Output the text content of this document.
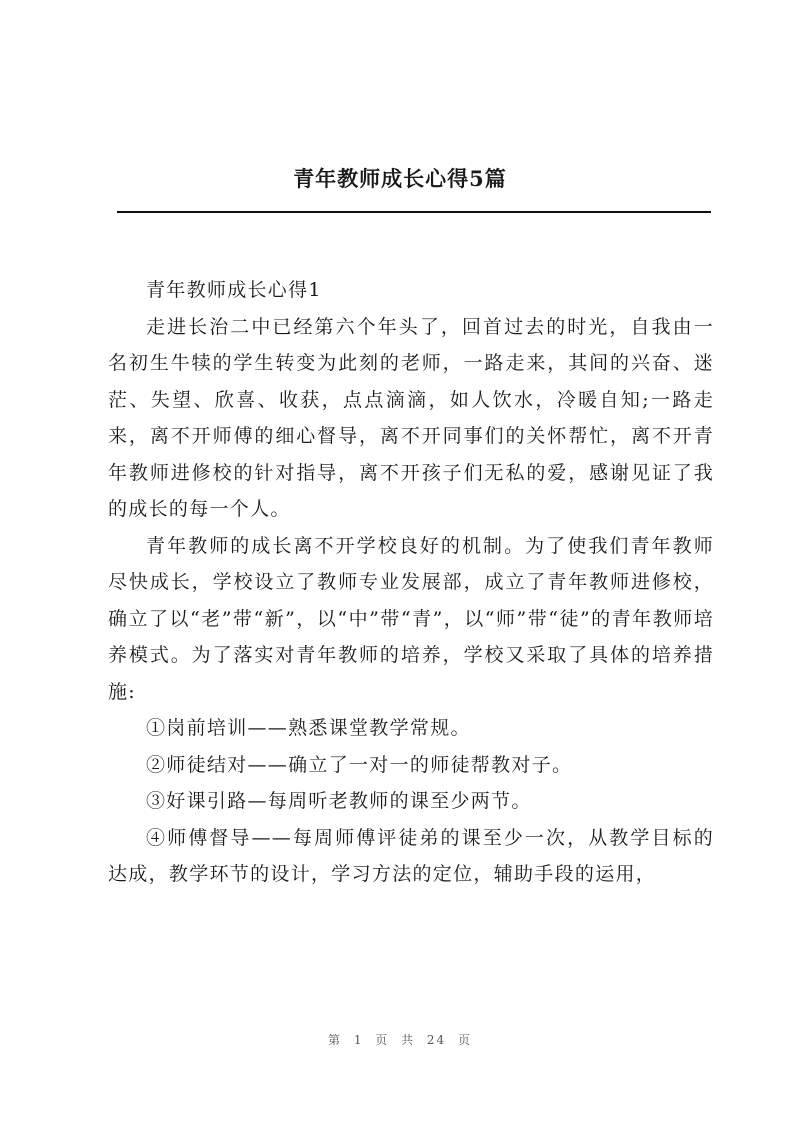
青年教师成长心得5篇

青年教师成长心得1

走进长治二中已经第六个年头了，回首过去的时光，自我由一名初生牛犊的学生转变为此刻的老师，一路走来，其间的兴奋、迷茫、失望、欣喜、收获，点点滴滴，如人饮水，冷暖自知;一路走来，离不开师傅的细心督导，离不开同事们的关怀帮忙，离不开青年教师进修校的针对指导，离不开孩子们无私的爱，感谢见证了我的成长的每一个人。

青年教师的成长离不开学校良好的机制。为了使我们青年教师尽快成长，学校设立了教师专业发展部，成立了青年教师进修校，确立了以“老”带“新”，以“中”带“青”，以“师”带“徒”的青年教师培养模式。为了落实对青年教师的培养，学校又采取了具体的培养措施:

①岗前培训——熟悉课堂教学常规。

②师徒结对——确立了一对一的师徒帮教对子。

③好课引路—每周听老教师的课至少两节。

④师傅督导——每周师傅评徒弟的课至少一次，从教学目标的达成，教学环节的设计，学习方法的定位，辅助手段的运用，

第 1 页 共 24 页
